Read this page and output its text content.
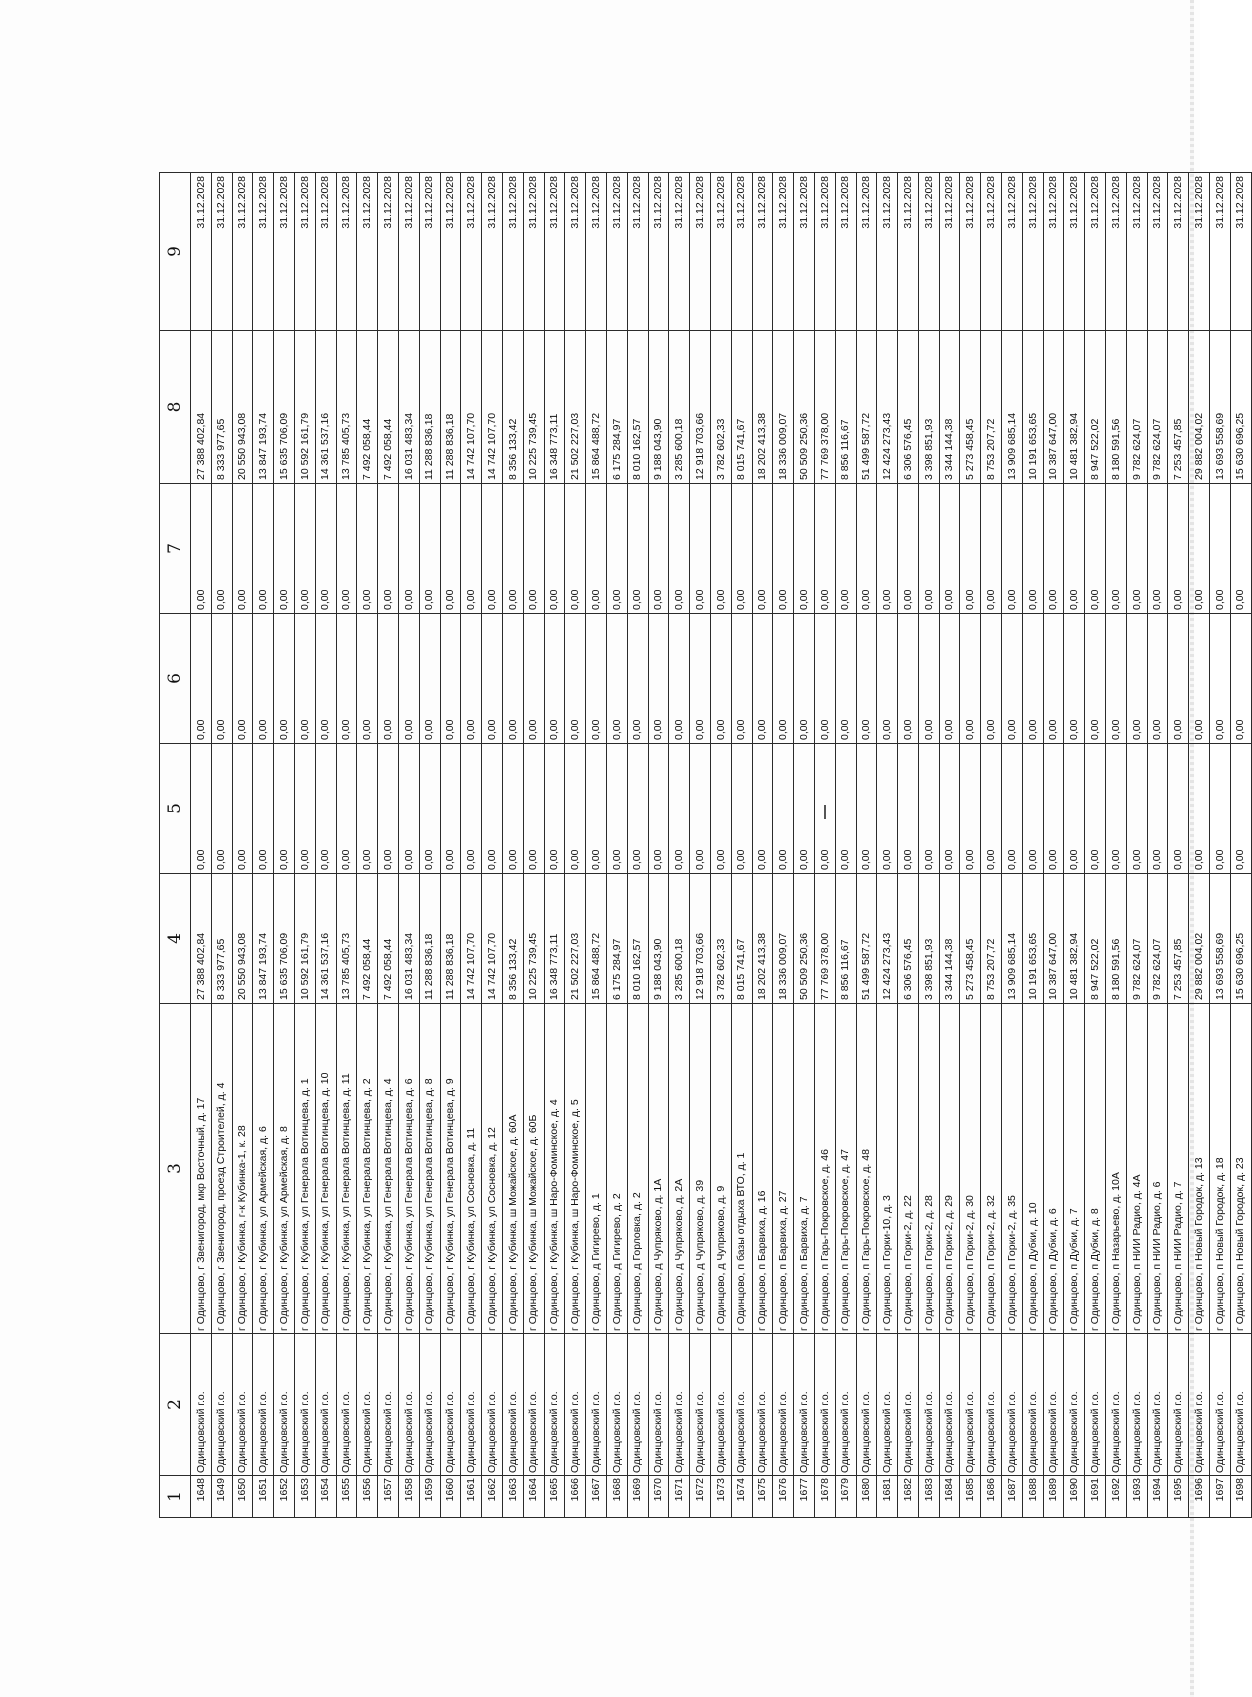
1	2	3	4	5	6	7	8	9
1648	Одинцовский г.о.	г Одинцово, г Звенигород, мкр Восточный, д. 17	27 388 402,84	0,00	0,00	0,00	27 388 402,84	31.12.2028
1649	Одинцовский г.о.	г Одинцово, г Звенигород, проезд Строителей, д. 4	8 333 977,65	0,00	0,00	0,00	8 333 977,65	31.12.2028
1650	Одинцовский г.о.	г Одинцово, г Кубинка, г-к Кубинка-1, к. 28	20 550 943,08	0,00	0,00	0,00	20 550 943,08	31.12.2028
1651	Одинцовский г.о.	г Одинцово, г Кубинка, ул Армейская, д. 6	13 847 193,74	0,00	0,00	0,00	13 847 193,74	31.12.2028
1652	Одинцовский г.о.	г Одинцово, г Кубинка, ул Армейская, д. 8	15 635 706,09	0,00	0,00	0,00	15 635 706,09	31.12.2028
1653	Одинцовский г.о.	г Одинцово, г Кубинка, ул Генерала Вотинцева, д. 1	10 592 161,79	0,00	0,00	0,00	10 592 161,79	31.12.2028
1654	Одинцовский г.о.	г Одинцово, г Кубинка, ул Генерала Вотинцева, д. 10	14 361 537,16	0,00	0,00	0,00	14 361 537,16	31.12.2028
1655	Одинцовский г.о.	г Одинцово, г Кубинка, ул Генерала Вотинцева, д. 11	13 785 405,73	0,00	0,00	0,00	13 785 405,73	31.12.2028
1656	Одинцовский г.о.	г Одинцово, г Кубинка, ул Генерала Вотинцева, д. 2	7 492 058,44	0,00	0,00	0,00	7 492 058,44	31.12.2028
1657	Одинцовский г.о.	г Одинцово, г Кубинка, ул Генерала Вотинцева, д. 4	7 492 058,44	0,00	0,00	0,00	7 492 058,44	31.12.2028
1658	Одинцовский г.о.	г Одинцово, г Кубинка, ул Генерала Вотинцева, д. 6	16 031 483,34	0,00	0,00	0,00	16 031 483,34	31.12.2028
1659	Одинцовский г.о.	г Одинцово, г Кубинка, ул Генерала Вотинцева, д. 8	11 288 836,18	0,00	0,00	0,00	11 288 836,18	31.12.2028
1660	Одинцовский г.о.	г Одинцово, г Кубинка, ул Генерала Вотинцева, д. 9	11 288 836,18	0,00	0,00	0,00	11 288 836,18	31.12.2028
1661	Одинцовский г.о.	г Одинцово, г Кубинка, ул Сосновка, д. 11	14 742 107,70	0,00	0,00	0,00	14 742 107,70	31.12.2028
1662	Одинцовский г.о.	г Одинцово, г Кубинка, ул Сосновка, д. 12	14 742 107,70	0,00	0,00	0,00	14 742 107,70	31.12.2028
1663	Одинцовский г.о.	г Одинцово, г Кубинка, ш Можайское, д. 60А	8 356 133,42	0,00	0,00	0,00	8 356 133,42	31.12.2028
1664	Одинцовский г.о.	г Одинцово, г Кубинка, ш Можайское, д. 60Б	10 225 739,45	0,00	0,00	0,00	10 225 739,45	31.12.2028
1665	Одинцовский г.о.	г Одинцово, г Кубинка, ш Наро-Фоминское, д. 4	16 348 773,11	0,00	0,00	0,00	16 348 773,11	31.12.2028
1666	Одинцовский г.о.	г Одинцово, г Кубинка, ш Наро-Фоминское, д. 5	21 502 227,03	0,00	0,00	0,00	21 502 227,03	31.12.2028
1667	Одинцовский г.о.	г Одинцово, д Гигирево, д. 1	15 864 488,72	0,00	0,00	0,00	15 864 488,72	31.12.2028
1668	Одинцовский г.о.	г Одинцово, д Гигирево, д. 2	6 175 284,97	0,00	0,00	0,00	6 175 284,97	31.12.2028
1669	Одинцовский г.о.	г Одинцово, д Горловка, д. 2	8 010 162,57	0,00	0,00	0,00	8 010 162,57	31.12.2028
1670	Одинцовский г.о.	г Одинцово, д Чупряково, д. 1А	9 188 043,90	0,00	0,00	0,00	9 188 043,90	31.12.2028
1671	Одинцовский г.о.	г Одинцово, д Чупряково, д. 2А	3 285 600,18	0,00	0,00	0,00	3 285 600,18	31.12.2028
1672	Одинцовский г.о.	г Одинцово, д Чупряково, д. 39	12 918 703,66	0,00	0,00	0,00	12 918 703,66	31.12.2028
1673	Одинцовский г.о.	г Одинцово, д Чупряково, д. 9	3 782 602,33	0,00	0,00	0,00	3 782 602,33	31.12.2028
1674	Одинцовский г.о.	г Одинцово, п базы отдыха ВТО, д. 1	8 015 741,67	0,00	0,00	0,00	8 015 741,67	31.12.2028
1675	Одинцовский г.о.	г Одинцово, п Барвиха, д. 16	18 202 413,38	0,00	0,00	0,00	18 202 413,38	31.12.2028
1676	Одинцовский г.о.	г Одинцово, п Барвиха, д. 27	18 336 009,07	0,00	0,00	0,00	18 336 009,07	31.12.2028
1677	Одинцовский г.о.	г Одинцово, п Барвиха, д. 7	50 509 250,36	0,00	0,00	0,00	50 509 250,36	31.12.2028
1678	Одинцовский г.о.	г Одинцово, п Гарь-Покровское, д. 46	77 769 378,00	0,00	0,00	0,00	77 769 378,00	31.12.2028
1679	Одинцовский г.о.	г Одинцово, п Гарь-Покровское, д. 47	8 856 116,67	0,00	0,00	0,00	8 856 116,67	31.12.2028
1680	Одинцовский г.о.	г Одинцово, п Гарь-Покровское, д. 48	51 499 587,72	0,00	0,00	0,00	51 499 587,72	31.12.2028
1681	Одинцовский г.о.	г Одинцово, п Горки-10, д. 3	12 424 273,43	0,00	0,00	0,00	12 424 273,43	31.12.2028
1682	Одинцовский г.о.	г Одинцово, п Горки-2, д. 22	6 306 576,45	0,00	0,00	0,00	6 306 576,45	31.12.2028
1683	Одинцовский г.о.	г Одинцово, п Горки-2, д. 28	3 398 851,93	0,00	0,00	0,00	3 398 851,93	31.12.2028
1684	Одинцовский г.о.	г Одинцово, п Горки-2, д. 29	3 344 144,38	0,00	0,00	0,00	3 344 144,38	31.12.2028
1685	Одинцовский г.о.	г Одинцово, п Горки-2, д. 30	5 273 458,45	0,00	0,00	0,00	5 273 458,45	31.12.2028
1686	Одинцовский г.о.	г Одинцово, п Горки-2, д. 32	8 753 207,72	0,00	0,00	0,00	8 753 207,72	31.12.2028
1687	Одинцовский г.о.	г Одинцово, п Горки-2, д. 35	13 909 685,14	0,00	0,00	0,00	13 909 685,14	31.12.2028
1688	Одинцовский г.о.	г Одинцово, п Дубки, д. 10	10 191 653,65	0,00	0,00	0,00	10 191 653,65	31.12.2028
1689	Одинцовский г.о.	г Одинцово, п Дубки, д. 6	10 387 647,00	0,00	0,00	0,00	10 387 647,00	31.12.2028
1690	Одинцовский г.о.	г Одинцово, п Дубки, д. 7	10 481 382,94	0,00	0,00	0,00	10 481 382,94	31.12.2028
1691	Одинцовский г.о.	г Одинцово, п Дубки, д. 8	8 947 522,02	0,00	0,00	0,00	8 947 522,02	31.12.2028
1692	Одинцовский г.о.	г Одинцово, п Назарьево, д. 10А	8 180 591,56	0,00	0,00	0,00	8 180 591,56	31.12.2028
1693	Одинцовский г.о.	г Одинцово, п НИИ Радио, д. 4А	9 782 624,07	0,00	0,00	0,00	9 782 624,07	31.12.2028
1694	Одинцовский г.о.	г Одинцово, п НИИ Радио, д. 6	9 782 624,07	0,00	0,00	0,00	9 782 624,07	31.12.2028
1695	Одинцовский г.о.	г Одинцово, п НИИ Радио, д. 7	7 253 457,85	0,00	0,00	0,00	7 253 457,85	31.12.2028
1696	Одинцовский г.о.	г Одинцово, п Новый Городок, д. 13	29 882 004,02	0,00	0,00	0,00	29 882 004,02	31.12.2028
1697	Одинцовский г.о.	г Одинцово, п Новый Городок, д. 18	13 693 558,69	0,00	0,00	0,00	13 693 558,69	31.12.2028
1698	Одинцовский г.о.	г Одинцово, п Новый Городок, д. 23	15 630 696,25	0,00	0,00	0,00	15 630 696,25	31.12.2028
